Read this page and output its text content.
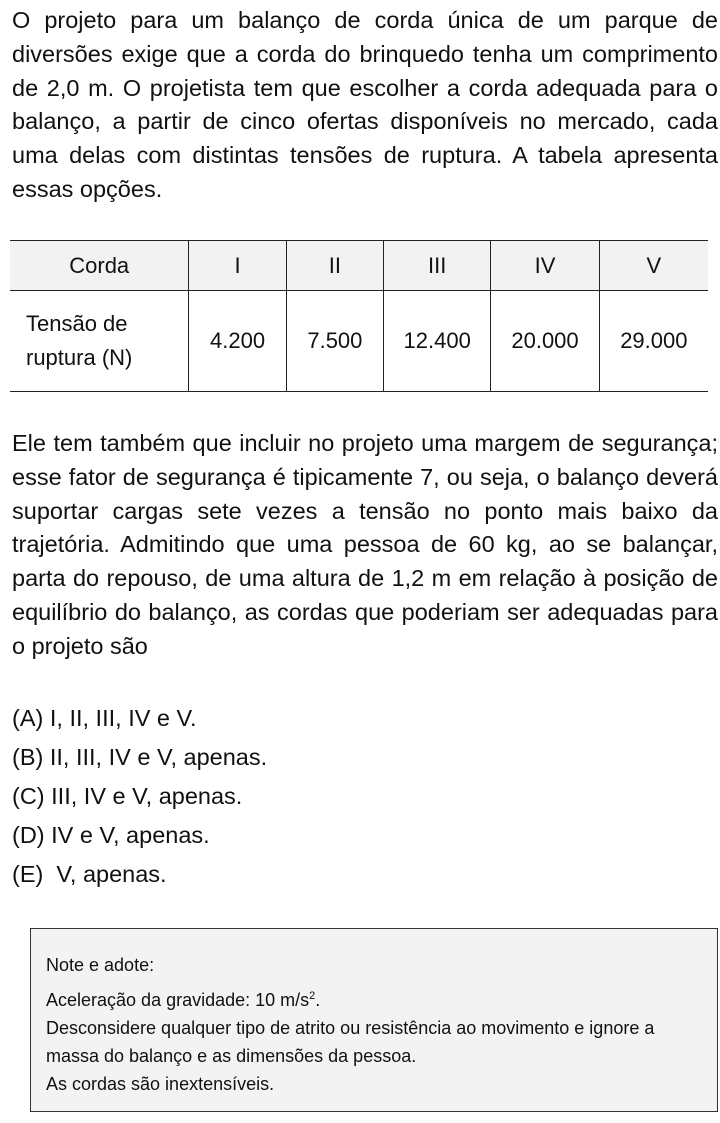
O projeto para um balanço de corda única de um parque de diversões exige que a corda do brinquedo tenha um comprimento de 2,0 m. O projetista tem que escolher a corda adequada para o balanço, a partir de cinco ofertas disponíveis no mercado, cada uma delas com distintas tensões de ruptura. A tabela apresenta essas opções.

Corda	I	II	III	IV	V
Tensão de ruptura (N)	4.200	7.500	12.400	20.000	29.000

Ele tem também que incluir no projeto uma margem de segurança; esse fator de segurança é tipicamente 7, ou seja, o balanço deverá suportar cargas sete vezes a tensão no ponto mais baixo da trajetória. Admitindo que uma pessoa de 60 kg, ao se balançar, parta do repouso, de uma altura de 1,2 m em relação à posição de equilíbrio do balanço, as cordas que poderiam ser adequadas para o projeto são

(A) I, II, III, IV e V.
(B) II, III, IV e V, apenas.
(C) III, IV e V, apenas.
(D) IV e V, apenas.
(E)  V, apenas.

Note e adote:

Aceleração da gravidade: 10 $m/s^2$.

Desconsidere qualquer tipo de atrito ou resistência ao movimento e ignore a massa do balanço e as dimensões da pessoa.

As cordas são inextensíveis.
